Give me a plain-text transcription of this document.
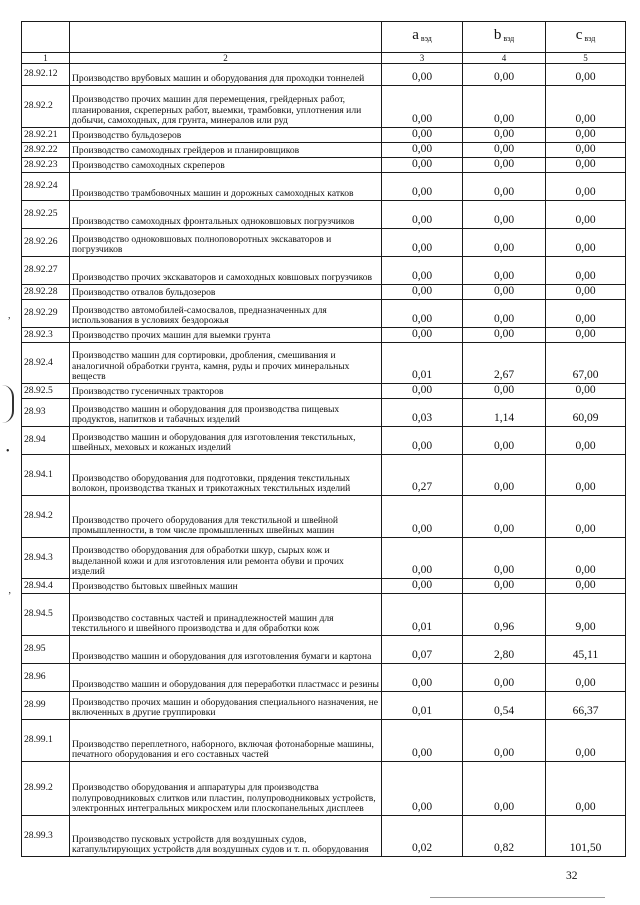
		a $_{вэд}$	b $_{вэд}$	c $_{вэд}$
1	2	3	4	5
28.92.12	Производство врубовых машин и оборудования для проходки тоннелей	0,00	0,00	0,00
28.92.2	Производство прочих машин для перемещения, грейдерных работ, планирования, скреперных работ, выемки, трамбовки, уплотнения или добычи, самоходных, для грунта, минералов или руд	0,00	0,00	0,00
28.92.21	Производство бульдозеров	0,00	0,00	0,00
28.92.22	Производство самоходных грейдеров и планировщиков	0,00	0,00	0,00
28.92.23	Производство самоходных скреперов	0,00	0,00	0,00
28.92.24	Производство трамбовочных машин и дорожных самоходных катков	0,00	0,00	0,00
28.92.25	Производство самоходных фронтальных одноковшовых погрузчиков	0,00	0,00	0,00
28.92.26	Производство одноковшовых полноповоротных экскаваторов и погрузчиков	0,00	0,00	0,00
28.92.27	Производство прочих экскаваторов и самоходных ковшовых погрузчиков	0,00	0,00	0,00
28.92.28	Производство отвалов бульдозеров	0,00	0,00	0,00
28.92.29	Производство автомобилей-самосвалов, предназначенных для использования в условиях бездорожья	0,00	0,00	0,00
28.92.3	Производство прочих машин для выемки грунта	0,00	0,00	0,00
28.92.4	Производство машин для сортировки, дробления, смешивания и аналогичной обработки грунта, камня, руды и прочих минеральных веществ	0,01	2,67	67,00
28.92.5	Производство гусеничных тракторов	0,00	0,00	0,00
28.93	Производство машин и оборудования для производства пищевых продуктов, напитков и табачных изделий	0,03	1,14	60,09
28.94	Производство машин и оборудования для изготовления текстильных, швейных, меховых и кожаных изделий	0,00	0,00	0,00
28.94.1	Производство оборудования для подготовки, прядения текстильных волокон, производства тканых и трикотажных текстильных изделий	0,27	0,00	0,00
28.94.2	Производство прочего оборудования для текстильной и швейной промышленности, в том числе промышленных швейных машин	0,00	0,00	0,00
28.94.3	Производство оборудования для обработки шкур, сырых кож и выделанной кожи и для изготовления или ремонта обуви и прочих изделий	0,00	0,00	0,00
28.94.4	Производство бытовых швейных машин	0,00	0,00	0,00
28.94.5	Производство составных частей и принадлежностей машин для текстильного и швейного производства и для обработки кож	0,01	0,96	9,00
28.95	Производство машин и оборудования для изготовления бумаги и картона	0,07	2,80	45,11
28.96	Производство машин и оборудования для переработки пластмасс и резины	0,00	0,00	0,00
28.99	Производство прочих машин и оборудования специального назначения, не включенных в другие группировки	0,01	0,54	66,37
28.99.1	Производство переплетного, наборного, включая фотонаборные машины, печатного оборудования и его составных частей	0,00	0,00	0,00
28.99.2	Производство оборудования и аппаратуры для производства полупроводниковых слитков или пластин, полупроводниковых устройств, электронных интегральных микросхем или плоскопанельных дисплеев	0,00	0,00	0,00
28.99.3	Производство пусковых устройств для воздушных судов, катапультирующих устройств для воздушных судов и т. п. оборудования	0,02	0,82	101,50
,
•
‚
32
